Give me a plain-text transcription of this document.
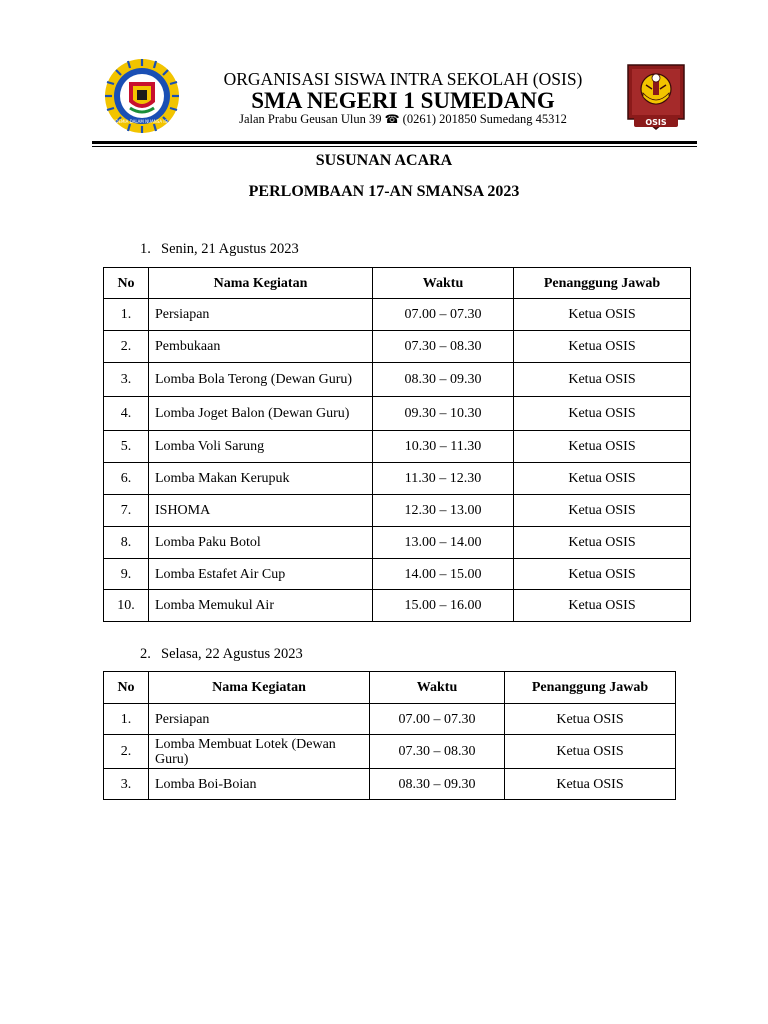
ACADEMIA DALAM NUANSA ISLAMI
ORGANISASI SISWA INTRA SEKOLAH (OSIS)
SMA NEGERI 1 SUMEDANG
Jalan Prabu Geusan Ulun 39 ☎ (0261) 201850 Sumedang 45312	OSIS
SUSUNAN ACARA
PERLOMBAAN 17-AN SMANSA 2023
1. Senin, 21 Agustus 2023
No	Nama Kegiatan	Waktu	Penanggung Jawab
1.	Persiapan	07.00 – 07.30	Ketua OSIS
2.	Pembukaan	07.30 – 08.30	Ketua OSIS
3.	Lomba Bola Terong (Dewan Guru)	08.30 – 09.30	Ketua OSIS
4.	Lomba Joget Balon (Dewan Guru)	09.30 – 10.30	Ketua OSIS
5.	Lomba Voli Sarung	10.30 – 11.30	Ketua OSIS
6.	Lomba Makan Kerupuk	11.30 – 12.30	Ketua OSIS
7.	ISHOMA	12.30 – 13.00	Ketua OSIS
8.	Lomba Paku Botol	13.00 – 14.00	Ketua OSIS
9.	Lomba Estafet Air Cup	14.00 – 15.00	Ketua OSIS
10.	Lomba Memukul Air	15.00 – 16.00	Ketua OSIS
2. Selasa, 22 Agustus 2023
No	Nama Kegiatan	Waktu	Penanggung Jawab
1.	Persiapan	07.00 – 07.30	Ketua OSIS
2.	Lomba Membuat Lotek (Dewan Guru)	07.30 – 08.30	Ketua OSIS
3.	Lomba Boi-Boian	08.30 – 09.30	Ketua OSIS
